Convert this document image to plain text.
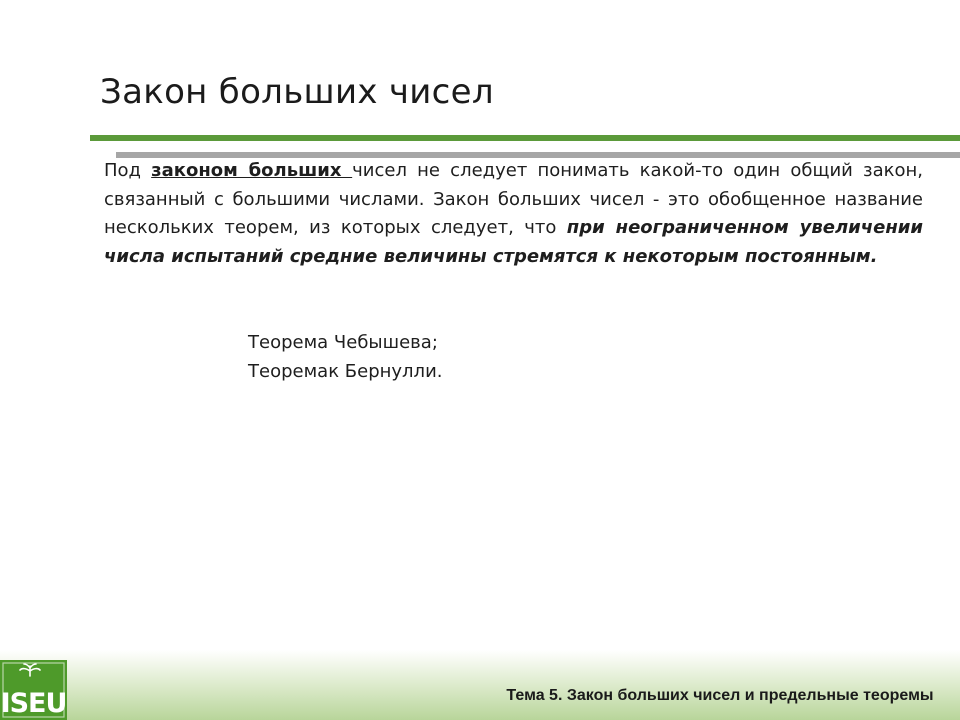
Закон больших чисел

Под законом больших чисел не следует понимать какой-то один общий закон, связанный с большими числами. Закон больших чисел - это обобщенное название нескольких теорем, из которых следует, что при неограниченном увеличении числа испытаний средние величины стремятся к некоторым постоянным.

Теорема Чебышева;
Теоремак Бернулли.
ISEU	Тема 5. Закон больших чисел и предельные теоремы
